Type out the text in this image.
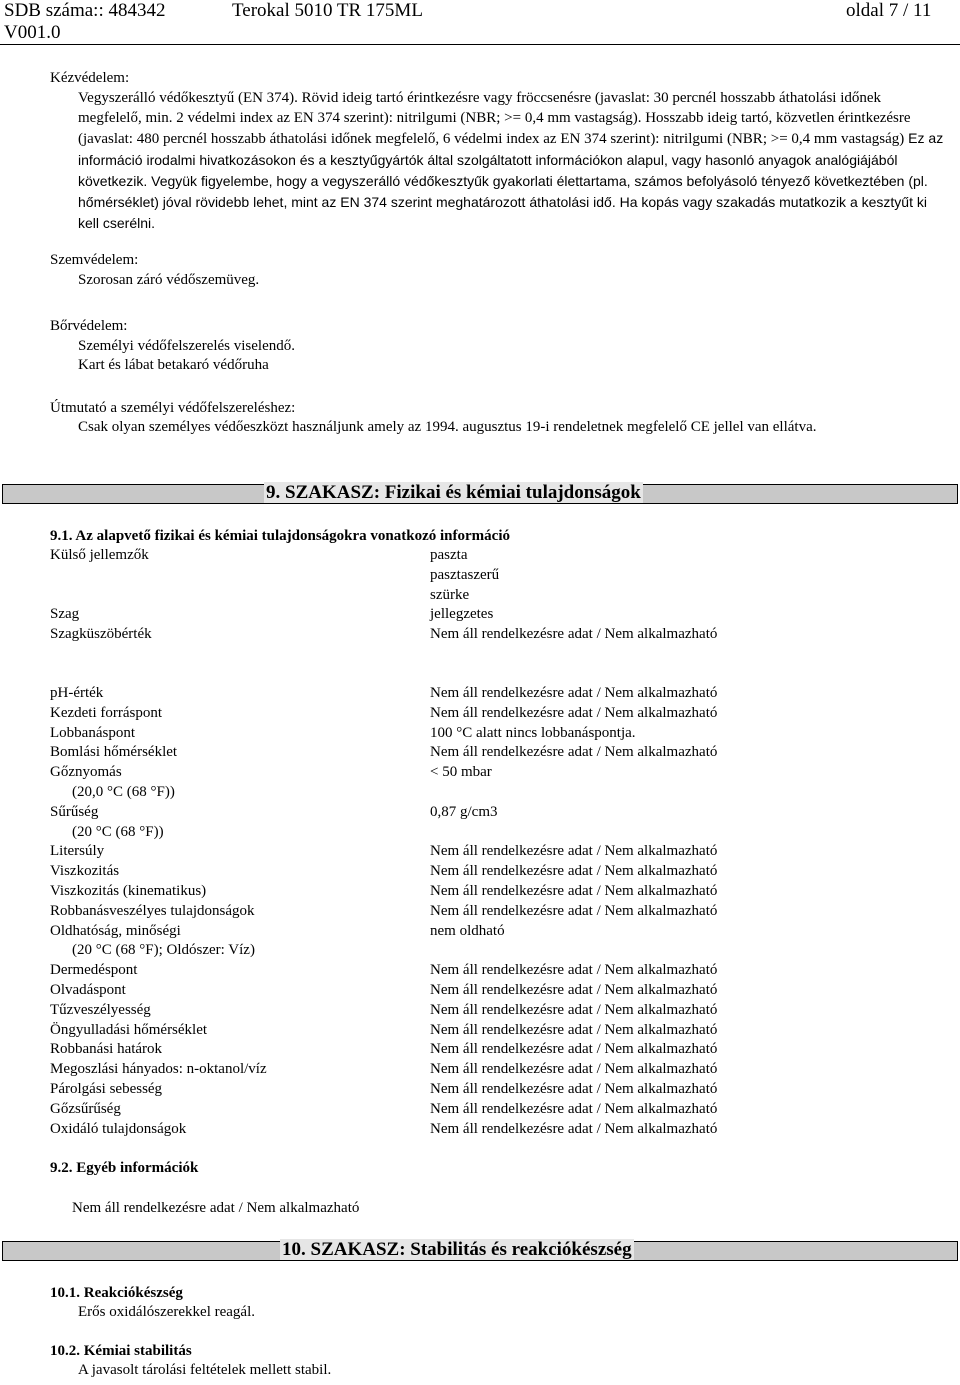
SDB száma:: 484342
V001.0
Terokal 5010 TR 175ML	oldal 7 / 11
Kézvédelem:
Vegyszerálló védőkesztyű (EN 374). Rövid ideig tartó érintkezésre vagy fröccsenésre (javaslat: 30 percnél hosszabb áthatolási időnek megfelelő, min. 2 védelmi index az EN 374 szerint): nitrilgumi (NBR; >= 0,4 mm vastagság). Hosszabb ideig tartó, közvetlen érintkezésre (javaslat: 480 percnél hosszabb áthatolási időnek megfelelő, 6 védelmi index az EN 374 szerint): nitrilgumi (NBR; >= 0,4 mm vastagság) Ez az információ irodalmi hivatkozásokon és a kesztyűgyártók által szolgáltatott információkon alapul, vagy hasonló anyagok analógiájából következik. Vegyük figyelembe, hogy a vegyszerálló védőkesztyűk gyakorlati élettartama, számos befolyásoló tényező következtében (pl. hőmérséklet) jóval rövidebb lehet, mint az EN 374 szerint meghatározott áthatolási idő. Ha kopás vagy szakadás mutatkozik a kesztyűt ki kell cserélni.
Szemvédelem:
Szorosan záró védőszemüveg.
Bőrvédelem:
Személyi védőfelszerelés viselendő.
Kart és lábat betakaró védőruha
Útmutató a személyi védőfelszereléshez:
Csak olyan személyes védőeszközt használjunk amely az 1994. augusztus 19-i rendeletnek megfelelő CE jellel van ellátva.
9. SZAKASZ: Fizikai és kémiai tulajdonságok
9.1. Az alapvető fizikai és kémiai tulajdonságokra vonatkozó információ
Külső jellemzők	paszta
pasztaszerű
szürke
Szag	jellegzetes
Szagküszöbérték	Nem áll rendelkezésre adat / Nem alkalmazható
pH-érték	Nem áll rendelkezésre adat / Nem alkalmazható
Kezdeti forráspont	Nem áll rendelkezésre adat / Nem alkalmazható
Lobbanáspont	100 °C alatt nincs lobbanáspontja.
Bomlási hőmérséklet	Nem áll rendelkezésre adat / Nem alkalmazható
Gőznyomás	< 50 mbar
(20,0 °C (68 °F))
Sűrűség	0,87 g/cm3
(20 °C (68 °F))
Litersúly	Nem áll rendelkezésre adat / Nem alkalmazható
Viszkozitás	Nem áll rendelkezésre adat / Nem alkalmazható
Viszkozitás (kinematikus)	Nem áll rendelkezésre adat / Nem alkalmazható
Robbanásveszélyes tulajdonságok	Nem áll rendelkezésre adat / Nem alkalmazható
Oldhatóság, minőségi	nem oldható
(20 °C (68 °F); Oldószer: Víz)
Dermedéspont	Nem áll rendelkezésre adat / Nem alkalmazható
Olvadáspont	Nem áll rendelkezésre adat / Nem alkalmazható
Tűzveszélyesség	Nem áll rendelkezésre adat / Nem alkalmazható
Öngyulladási hőmérséklet	Nem áll rendelkezésre adat / Nem alkalmazható
Robbanási határok	Nem áll rendelkezésre adat / Nem alkalmazható
Megoszlási hányados: n-oktanol/víz	Nem áll rendelkezésre adat / Nem alkalmazható
Párolgási sebesség	Nem áll rendelkezésre adat / Nem alkalmazható
Gőzsűrűség	Nem áll rendelkezésre adat / Nem alkalmazható
Oxidáló tulajdonságok	Nem áll rendelkezésre adat / Nem alkalmazható
9.2. Egyéb információk
Nem áll rendelkezésre adat / Nem alkalmazható
10. SZAKASZ: Stabilitás és reakciókészség
10.1. Reakciókészség
Erős oxidálószerekkel reagál.
10.2. Kémiai stabilitás
A javasolt tárolási feltételek mellett stabil.
